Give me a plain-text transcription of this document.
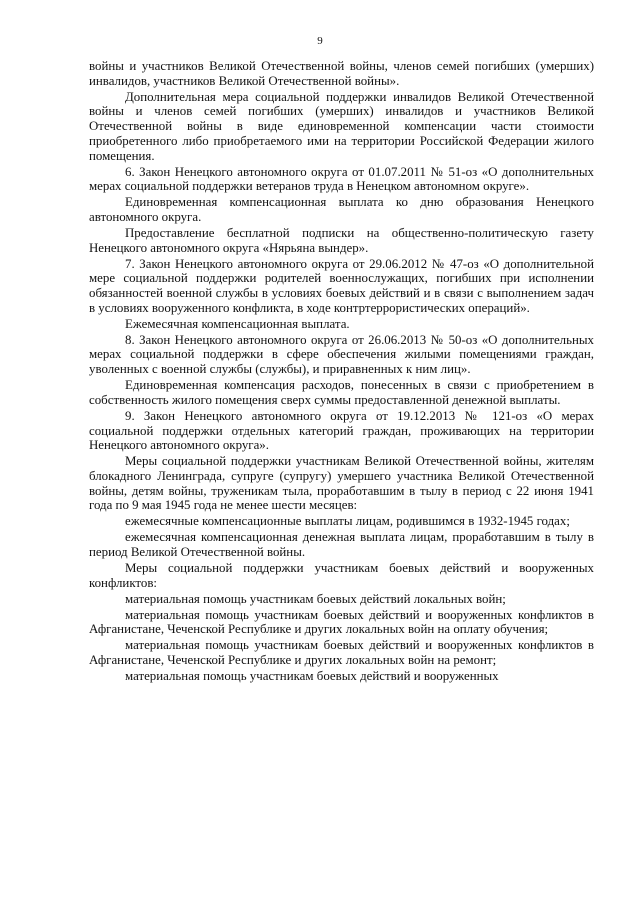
9

войны и участников Великой Отечественной войны, членов семей погибших (умерших) инвалидов, участников Великой Отечественной войны».

Дополнительная мера социальной поддержки инвалидов Великой Отечественной войны и членов семей погибших (умерших) инвалидов и участников Великой Отечественной войны в виде единовременной компенсации части стоимости приобретенного либо приобретаемого ими на территории Российской Федерации жилого помещения.

6. Закон Ненецкого автономного округа от 01.07.2011 № 51-оз «О дополнительных мерах социальной поддержки ветеранов труда в Ненецком автономном округе».

Единовременная компенсационная выплата ко дню образования Ненецкого автономного округа.

Предоставление бесплатной подписки на общественно-политическую газету Ненецкого автономного округа «Нярьяна вындер».

7. Закон Ненецкого автономного округа от 29.06.2012 № 47-оз «О дополнительной мере социальной поддержки родителей военнослужащих, погибших при исполнении обязанностей военной службы в условиях боевых действий и в связи с выполнением задач в условиях вооруженного конфликта, в ходе контртеррористических операций».

Ежемесячная компенсационная выплата.

8. Закон Ненецкого автономного округа от 26.06.2013 № 50-оз «О дополнительных мерах социальной поддержки в сфере обеспечения жилыми помещениями граждан, уволенных с военной службы (службы), и приравненных к ним лиц».

Единовременная компенсация расходов, понесенных в связи с приобретением в собственность жилого помещения сверх суммы предоставленной денежной выплаты.

9. Закон Ненецкого автономного округа от 19.12.2013 № 121-оз «О мерах социальной поддержки отдельных категорий граждан, проживающих на территории Ненецкого автономного округа».

Меры социальной поддержки участникам Великой Отечественной войны, жителям блокадного Ленинграда, супруге (супругу) умершего участника Великой Отечественной войны, детям войны, труженикам тыла, проработавшим в тылу в период с 22 июня 1941 года по 9 мая 1945 года не менее шести месяцев:

ежемесячные компенсационные выплаты лицам, родившимся в 1932-1945 годах;

ежемесячная компенсационная денежная выплата лицам, проработавшим в тылу в период Великой Отечественной войны.

Меры социальной поддержки участникам боевых действий и вооруженных конфликтов:

материальная помощь участникам боевых действий локальных войн;

материальная помощь участникам боевых действий и вооруженных конфликтов в Афганистане, Чеченской Республике и других локальных войн на оплату обучения;

материальная помощь участникам боевых действий и вооруженных конфликтов в Афганистане, Чеченской Республике и других локальных войн на ремонт;

материальная помощь участникам боевых действий и вооруженных
